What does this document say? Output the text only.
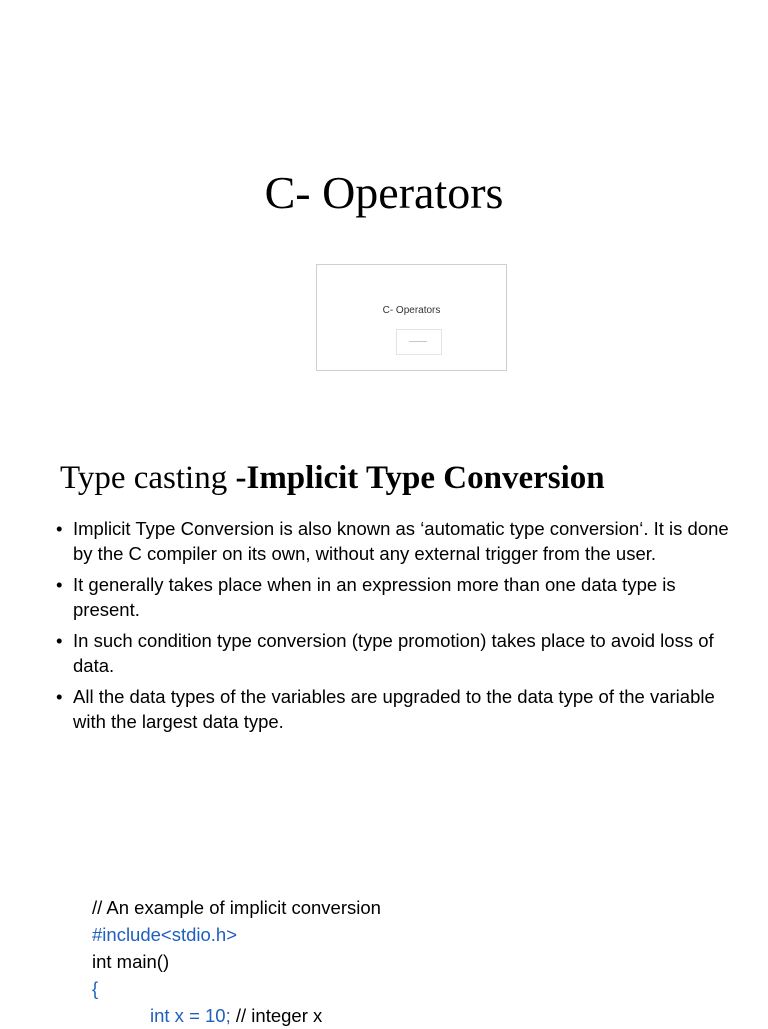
C- Operators
C- Operators
Type casting -Implicit Type Conversion
• Implicit Type Conversion is also known as ‘automatic type conversion‘. It is done by the C compiler on its own, without any external trigger from the user.
• It generally takes place when in an expression more than one data type is present.
• In such condition type conversion (type promotion) takes place to avoid loss of data.
• All the data types of the variables are upgraded to the data type of the variable with the largest data type.
// An example of implicit conversion
#include<stdio.h>
int main()
{
int x = 10; // integer x
